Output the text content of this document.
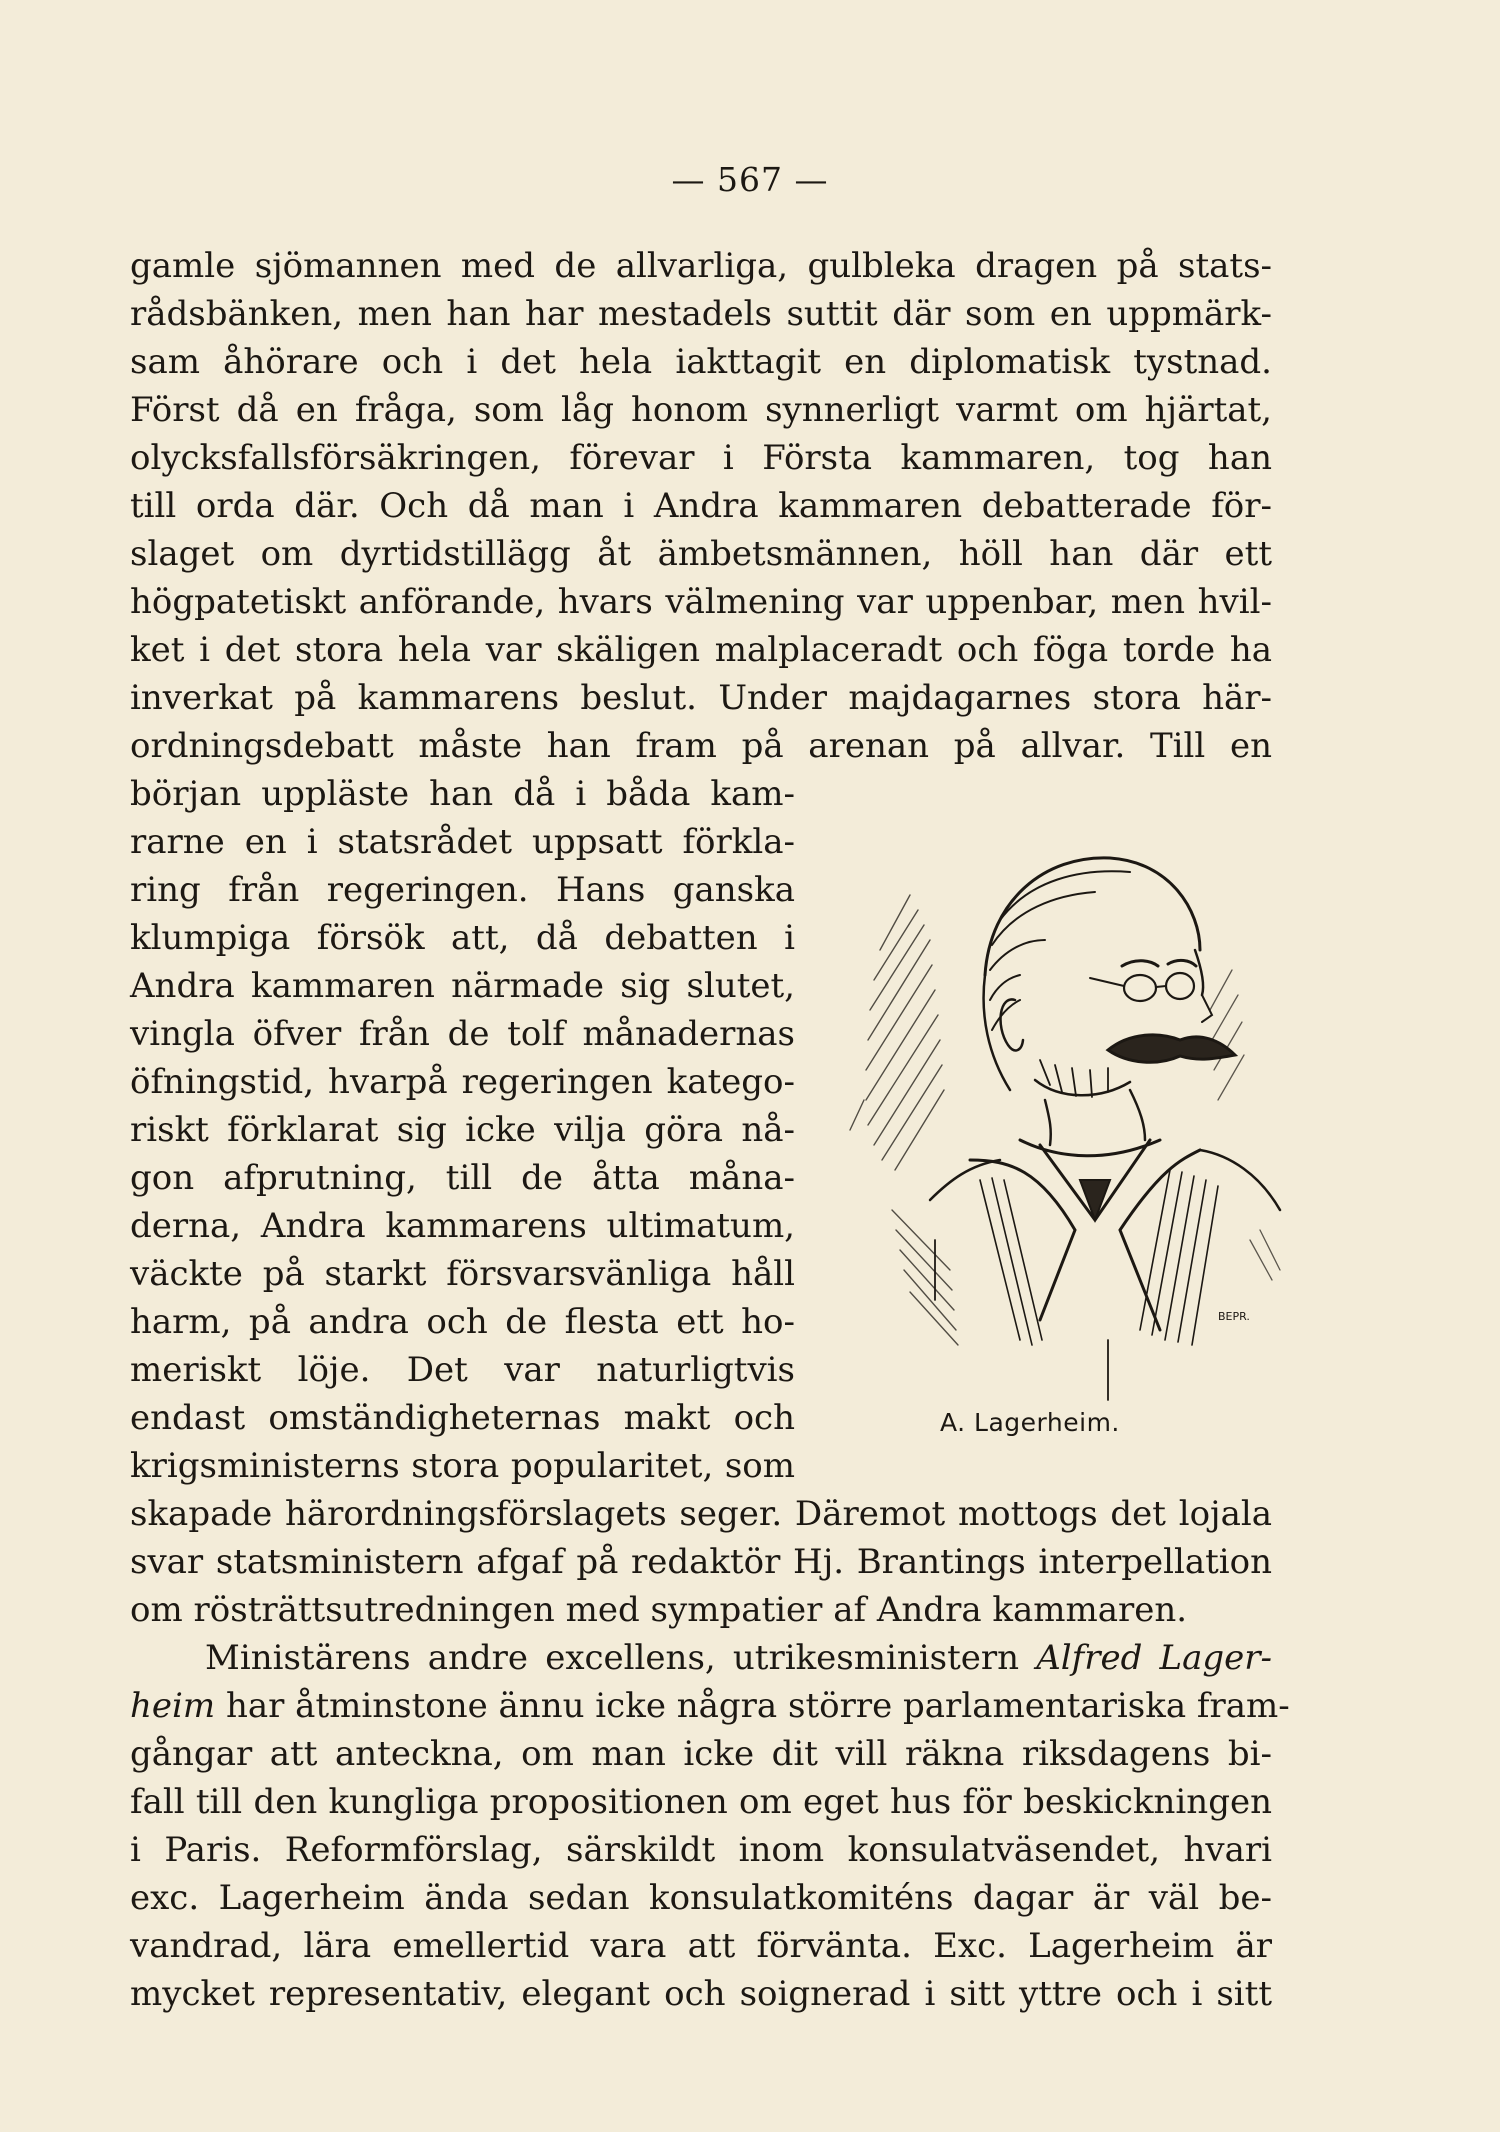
— 567 —
gamle sjömannen med de allvarliga, gulbleka dragen på stats-
rådsbänken, men han har mestadels suttit där som en uppmärk-
sam åhörare och i det hela iakttagit en diplomatisk tystnad.
Först då en fråga, som låg honom synnerligt varmt om hjärtat,
olycksfallsförsäkringen, förevar i Första kammaren, tog han
till orda där. Och då man i Andra kammaren debatterade för-
slaget om dyrtidstillägg åt ämbetsmännen, höll han där ett
högpatetiskt anförande, hvars välmening var uppenbar, men hvil-
ket i det stora hela var skäligen malplaceradt och föga torde ha
inverkat på kammarens beslut. Under majdagarnes stora här-
ordningsdebatt måste han fram på arenan på allvar. Till en
början uppläste han då i båda kam-
rarne en i statsrådet uppsatt förkla-
ring från regeringen. Hans ganska
klumpiga försök att, då debatten i
Andra kammaren närmade sig slutet,
vingla öfver från de tolf månadernas
öfningstid, hvarpå regeringen katego-
riskt förklarat sig icke vilja göra nå-
gon afprutning, till de åtta måna-
derna, Andra kammarens ultimatum,
väckte på starkt försvarsvänliga håll
harm, på andra och de flesta ett ho-
meriskt löje. Det var naturligtvis
endast omständigheternas makt och
krigsministerns stora popularitet, som
skapade härordningsförslagets seger. Däremot mottogs det lojala
svar statsministern afgaf på redaktör Hj. Brantings interpellation
om rösträttsutredningen med sympatier af Andra kammaren.
Ministärens andre excellens, utrikesministern Alfred Lager-
heim har åtminstone ännu icke några större parlamentariska fram-
gångar att anteckna, om man icke dit vill räkna riksdagens bi-
fall till den kungliga propositionen om eget hus för beskickningen
i Paris. Reformförslag, särskildt inom konsulatväsendet, hvari
exc. Lagerheim ända sedan konsulatkomiténs dagar är väl be-
vandrad, lära emellertid vara att förvänta. Exc. Lagerheim är
mycket representativ, elegant och soignerad i sitt yttre och i sitt
BEPR.
A. Lagerheim.
